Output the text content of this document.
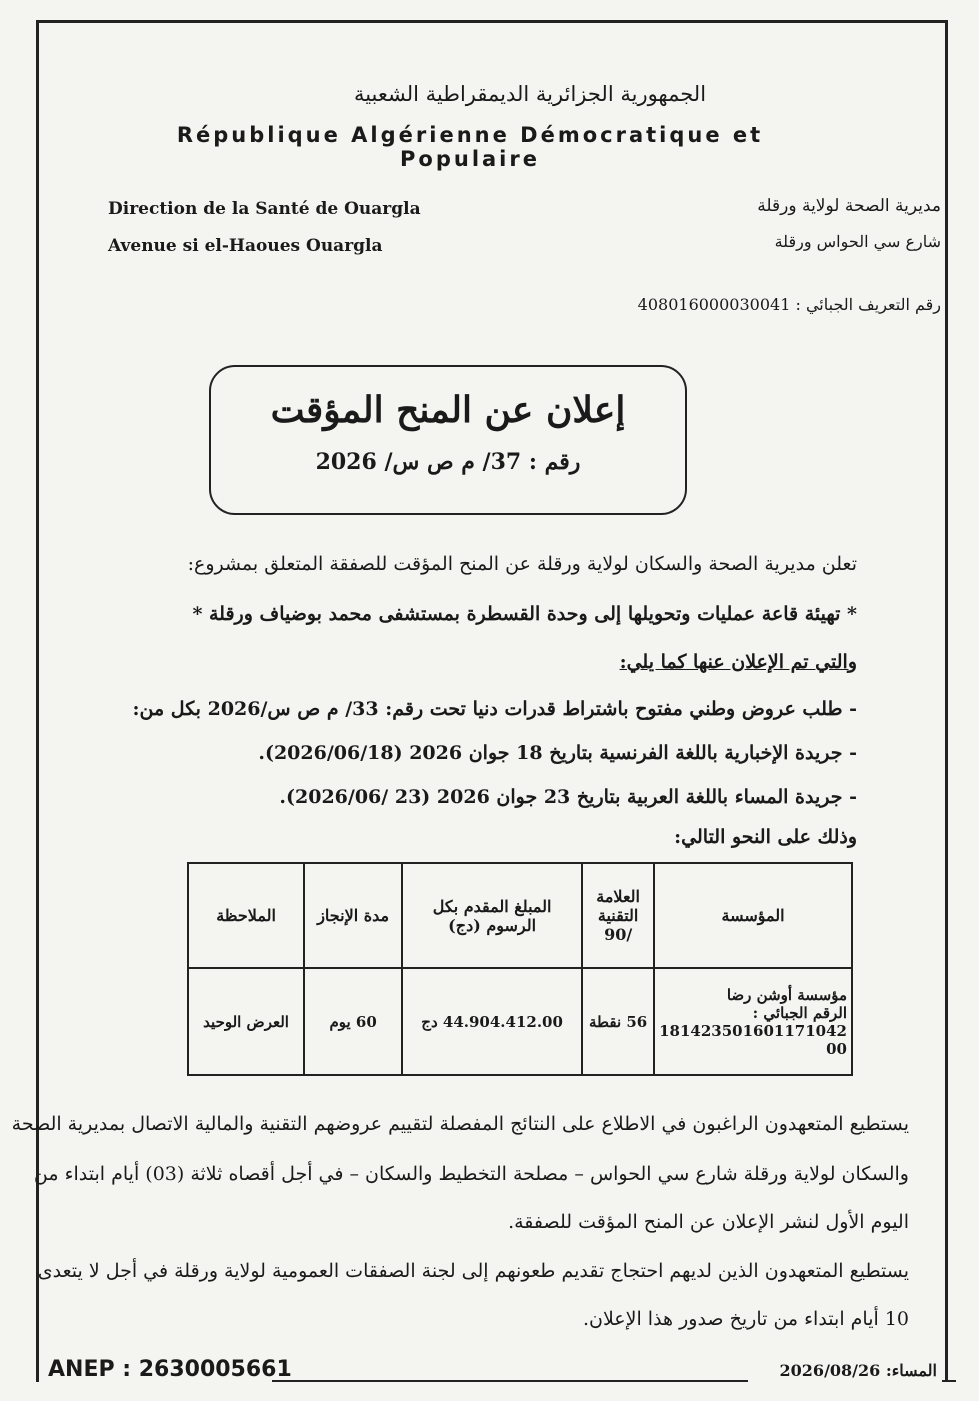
الجمهورية الجزائرية الديمقراطية الشعبية
République Algérienne Démocratique et Populaire
Direction de la Santé de Ouargla
Avenue si el-Haoues Ouargla
مديرية الصحة لولاية ورقلة
شارع سي الحواس ورقلة
رقم التعريف الجبائي : 408016000030041
إعلان عن المنح المؤقت
رقم : 37/ م ص س/ 2026
تعلن مديرية الصحة والسكان لولاية ورقلة عن المنح المؤقت للصفقة المتعلق بمشروع:
* تهيئة قاعة عمليات وتحويلها إلى وحدة القسطرة بمستشفى محمد بوضياف ورقلة *
والتي تم الإعلان عنها كما يلي:
- طلب عروض وطني مفتوح باشتراط قدرات دنيا تحت رقم: 33/ م ص س/2026 بكل من:
- جريدة الإخبارية باللغة الفرنسية بتاريخ 18 جوان 2026 (2026/06/18).
- جريدة المساء باللغة العربية بتاريخ 23 جوان 2026 (23 /2026/06).
وذلك على النحو التالي:
المؤسسة	العلامة التقنية /90	المبلغ المقدم بكل الرسوم (دج)	مدة الإنجاز	الملاحظة

مؤسسة أوشن رضا
الرقم الجبائي :
181423501601171042 00	56 نقطة	44.904.412.00 دج	60 يوم	العرض الوحيد
يستطيع المتعهدون الراغبون في الاطلاع على النتائج المفصلة لتقييم عروضهم التقنية والمالية الاتصال بمديرية الصحة
والسكان لولاية ورقلة شارع سي الحواس – مصلحة التخطيط والسكان – في أجل أقصاه ثلاثة (03) أيام ابتداء من
اليوم الأول لنشر الإعلان عن المنح المؤقت للصفقة.
يستطيع المتعهدون الذين لديهم احتجاج تقديم طعونهم إلى لجنة الصفقات العمومية لولاية ورقلة في أجل لا يتعدى
10 أيام ابتداء من تاريخ صدور هذا الإعلان.
ANEP : 2630005661	المساء: 2026/08/26
